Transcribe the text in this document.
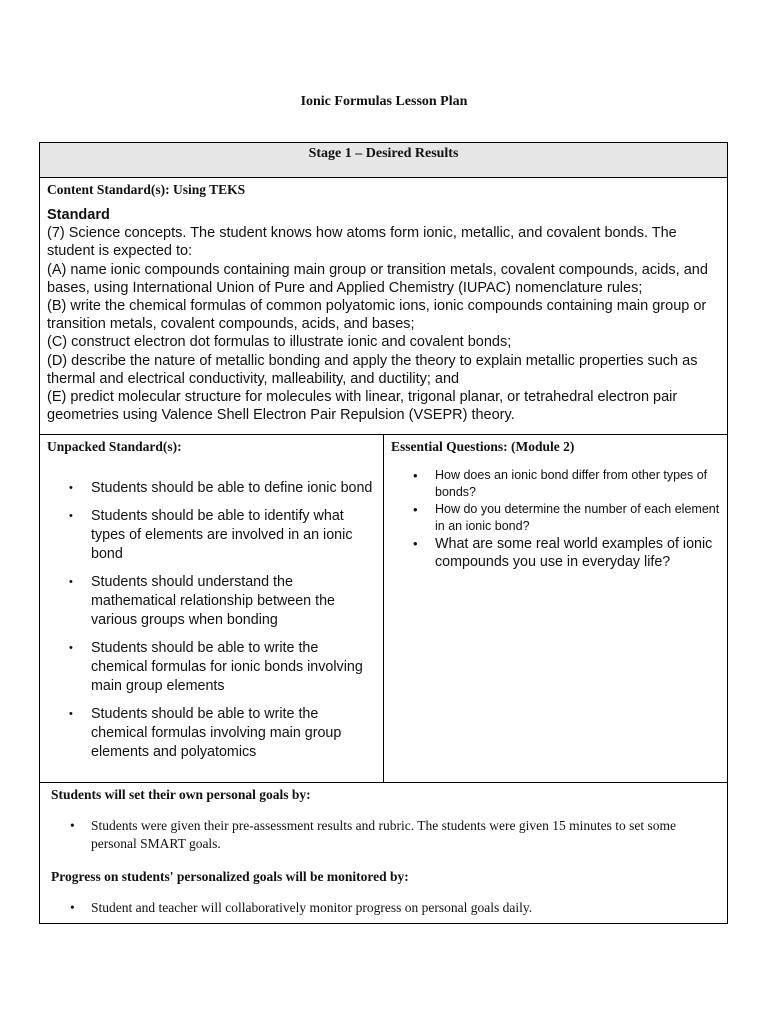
Ionic Formulas Lesson Plan
Stage 1 – Desired Results

Content Standard(s): Using TEKS
Standard
(7) Science concepts. The student knows how atoms form ionic, metallic, and covalent bonds. The student is expected to:
(A) name ionic compounds containing main group or transition metals, covalent compounds, acids, and bases, using International Union of Pure and Applied Chemistry (IUPAC) nomenclature rules;
(B) write the chemical formulas of common polyatomic ions, ionic compounds containing main group or transition metals, covalent compounds, acids, and bases;
(C) construct electron dot formulas to illustrate ionic and covalent bonds;
(D) describe the nature of metallic bonding and apply the theory to explain metallic properties such as thermal and electrical conductivity, malleability, and ductility; and
(E) predict molecular structure for molecules with linear, trigonal planar, or tetrahedral electron pair geometries using Valence Shell Electron Pair Repulsion (VSEPR) theory.

Unpacked Standard(s):
• Students should be able to define ionic bond
• Students should be able to identify what types of elements are involved in an ionic bond
• Students should understand the mathematical relationship between the various groups when bonding
• Students should be able to write the chemical formulas for ionic bonds involving main group elements
• Students should be able to write the chemical formulas involving main group elements and polyatomics

Essential Questions: (Module 2)
• How does an ionic bond differ from other types of bonds?
• How do you determine the number of each element in an ionic bond?
• What are some real world examples of ionic compounds you use in everyday life?

Students will set their own personal goals by:
• Students were given their pre-assessment results and rubric. The students were given 15 minutes to set some personal SMART goals.
Progress on students' personalized goals will be monitored by:
• Student and teacher will collaboratively monitor progress on personal goals daily.
